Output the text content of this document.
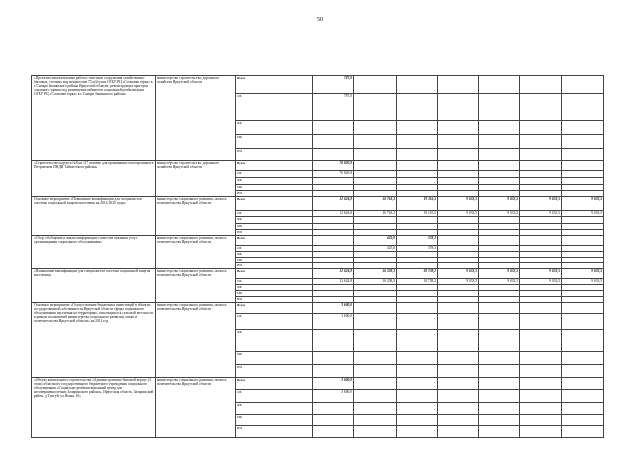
50
«Проектно-изыскательные работы: очистные сооружения хозяйственно-бытовых, сточных вод мощностью 75 м3/сутки ОГБУ РЦ «Сосновая горка» в с.Самара Зиминского района Иркутской области; реконструкция пристроя спального здания под размещение кабинетов социальной реабилитации ОГБУ РЦ «Сосновая горка» в с.Самара Зиминского района»	министерство строительства, дорожного хозяйства Иркутской области	Всего	787,0						
		ОБ	787,0						
		ФБ							
		МБ							
		НИ							
«Строительство корпуса №8 на 117 человек для проживания психохроников в Петровском ПНДИ Тайшетского района»	министерство строительства, дорожного хозяйства Иркутской области	Всего	70 820,8						
		ОБ	70 820,8						
		ФБ							
		МБ							
		НИ							
Основное мероприятие «Повышение квалификации для специалистов системы социальной защиты населения на 2014-2020 годы»	министерство социального развития, опеки и попечительства Иркутской области	Всего	12 624,8	16 763,3	19 116,5	9 033,5	9 033,5	9 033,5	9 033,5
		ОБ	12 624,8	16 763,3	19 116,5	9 033,5	9 033,5	9 033,5	9 033,5
		ФБ							
		МБ							
		НИ							
«Сбор, обобщение и анализ информации о качестве оказания услуг организациями социального обслуживания»	министерство социального развития, опеки и попечительства Иркутской области	Всего		425,0	378,3				
		ОБ		425,0	378,3				
		ФБ							
		МБ							
		НИ							
«Повышение квалификации для специалистов системы социальной защиты населения»	министерство социального развития, опеки и попечительства Иркутской области	Всего	12 624,8	16 338,3	18 738,2	9 033,5	9 033,5	9 033,5	9 033,5
		ОБ	12 624,8	16 338,3	18 738,2	9 033,5	9 033,5	9 033,5	9 033,5
		ФБ							
		МБ							
		НИ							
Основное мероприятие «Осуществление бюджетных инвестиций в объекты государственной собственности Иркутской области сферы социального обслуживания населения на территориях, относящихся к сельской местности, в рамках полномочий министерства социального развития, опеки и попечительства Иркутской области» на 2014 год	министерство социального развития, опеки и попечительства Иркутской области	Всего	3 600,0						
		ОБ	3 600,0						
		ФБ							
		МБ							
		НИ							
«Объект капитального строительства «Административно-бытовой корпус (2 этаж) областного государственного бюджетного учреждения социального обслуживания «Социально-реабилитационный центр для несовершеннолетних Заларинского района», Иркутская область, Заларинский район, д.Тунгуй, ул.Ясная, 10»	министерство социального развития, опеки и попечительства Иркутской области	Всего	3 600,0						
		ОБ	3 600,0						
		ФБ							
		МБ							
		НИ							
